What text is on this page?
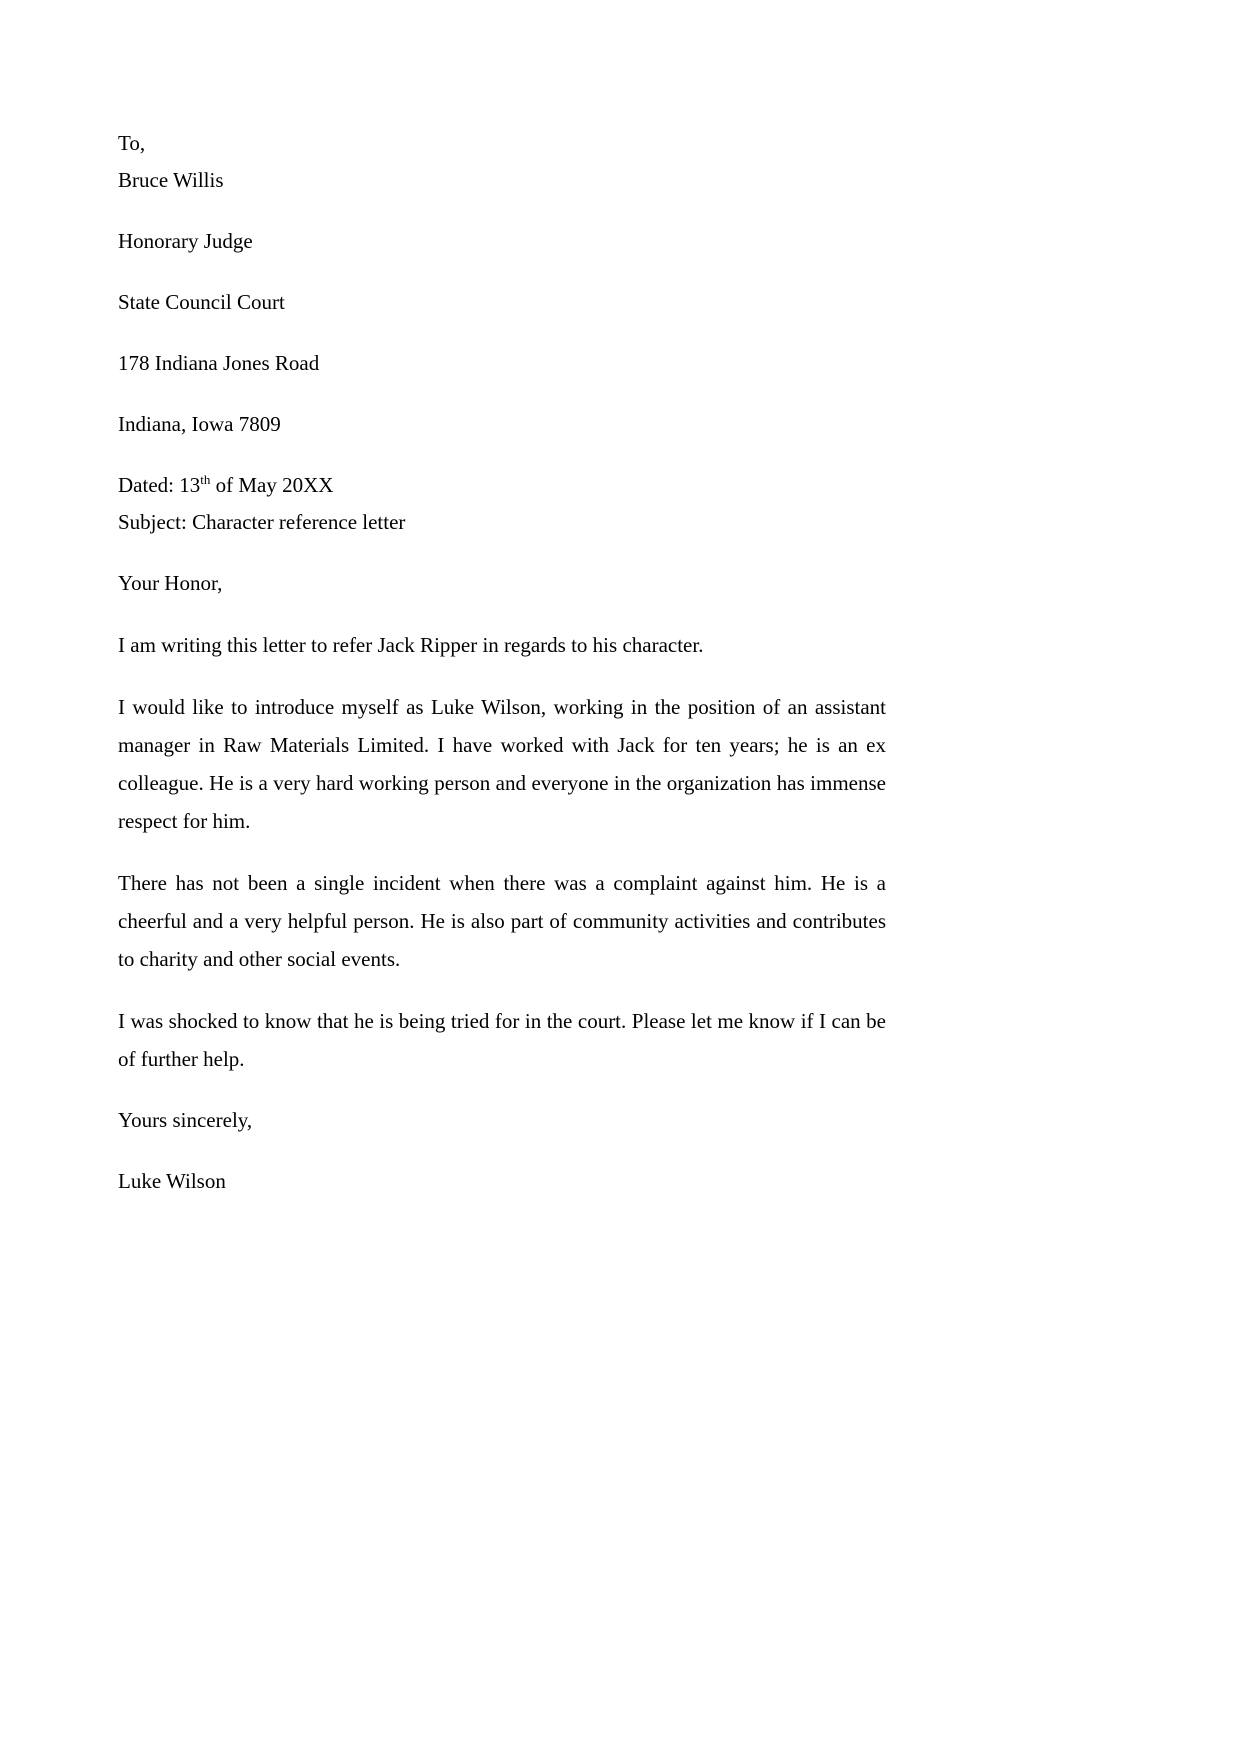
To,

Bruce Willis

Honorary Judge

State Council Court

178 Indiana Jones Road

Indiana, Iowa 7809

Dated: 13th of May 20XX

Subject: Character reference letter

Your Honor,

I am writing this letter to refer Jack Ripper in regards to his character.

I would like to introduce myself as Luke Wilson, working in the position of an assistant manager in Raw Materials Limited. I have worked with Jack for ten years; he is an ex colleague. He is a very hard working person and everyone in the organization has immense respect for him.

There has not been a single incident when there was a complaint against him. He is a cheerful and a very helpful person. He is also part of community activities and contributes to charity and other social events.

I was shocked to know that he is being tried for in the court. Please let me know if I can be of further help.

Yours sincerely,

Luke Wilson
